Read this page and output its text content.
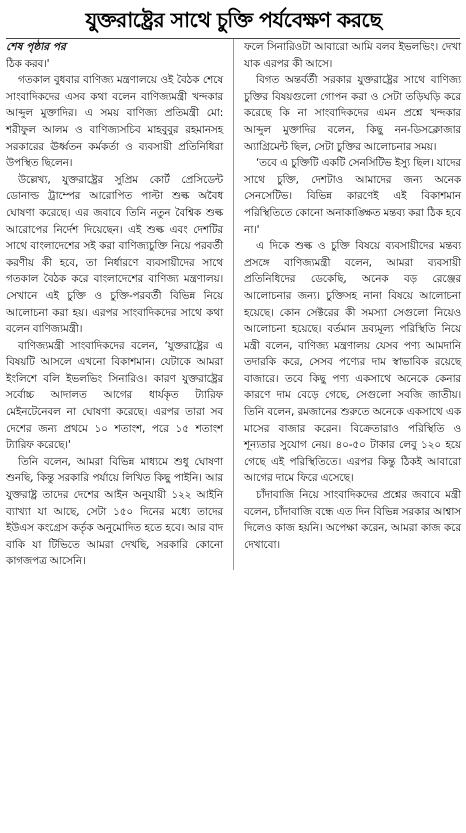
যুক্তরাষ্ট্রের সাথে চুক্তি পর্যবেক্ষণ করছে
শেষ পৃষ্ঠার পর

ঠিক করব।'

গতকাল বুধবার বাণিজ্য মন্ত্রণালয়ে ওই বৈঠক শেষে সাংবাদিকদের এসব কথা বলেন বাণিজ্যমন্ত্রী খন্দকার আব্দুল মুক্তাদির। এ সময় বাণিজ্য প্রতিমন্ত্রী মো: শরীফুল আলম ও বাণিজ্যসচিব মাহবুবুর রহমানসহ সরকারের ঊর্ধ্বতন কর্মকর্তা ও ব্যবসায়ী প্রতিনিধিরা উপস্থিত ছিলেন।

উল্লেখ্য, যুক্তরাষ্ট্রের সুপ্রিম কোর্ট প্রেসিডেন্ট ডোনাল্ড ট্রাম্পের আরোপিত পাল্টা শুল্ক অবৈধ ঘোষণা করেছে। এর জবাবে তিনি নতুন বৈশ্বিক শুল্ক আরোপের নির্দেশ দিয়েছেন। এই শুল্ক এবং দেশটির সাথে বাংলাদেশের সই করা বাণিজ্যচুক্তি নিয়ে পরবর্তী করণীয় কী হবে, তা নির্ধারণে ব্যবসায়ীদের সাথে গতকাল বৈঠক করে বাংলাদেশের বাণিজ্য মন্ত্রণালয়। সেখানে এই চুক্তি ও চুক্তি-পরবর্তী বিভিন্ন নিয়ে আলোচনা করা হয়। এরপর সাংবাদিকদের সাথে কথা বলেন বাণিজ্যমন্ত্রী।

বাণিজ্যমন্ত্রী সাংবাদিকদের বলেন, ‘যুক্তরাষ্ট্রের এ বিষয়টি আসলে এখনো বিকাশমান। যেটাকে আমরা ইংলিশে বলি ইভলভিং সিনারিও। কারণ যুক্তরাষ্ট্রের সর্বোচ্চ আদালত আগের ধার্যকৃত ট্যারিফ মেইনটেনেবল না ঘোষণা করেছে। এরপর তারা সব দেশের জন্য প্রথমে ১০ শতাংশ, পরে ১৫ শতাংশ ট্যারিফ করেছে।'

তিনি বলেন, আমরা বিভিন্ন মাধ্যমে শুধু ঘোষণা শুনছি, কিন্তু সরকারি পর্যায়ে লিখিত কিছু পাইনি। আর যুক্তরাষ্ট্র তাদের দেশের আইন অনুযায়ী ১২২ আইনি ব্যাখ্যা যা আছে, সেটা ১৫০ দিনের মধ্যে তাদের ইউএস কংগ্রেস কর্তৃক অনুমোদিত হতে হবে। আর বাদ বাকি যা টিভিতে আমরা দেখছি, সরকারি কোনো কাগজপত্র আসেনি।

ফলে সিনারিওটা আবারো আমি বলব ইভলভিং। দেখা যাক এরপর কী আসে।

বিগত অন্তর্বর্তী সরকার যুক্তরাষ্ট্রের সাথে বাণিজ্য চুক্তির বিষয়গুলো গোপন করা ও সেটা তড়িঘড়ি করে করেছে কি না সাংবাদিকদের এমন প্রশ্নে খন্দকার আব্দুল মুক্তাদির বলেন, কিছু নন-ডিসক্লোজার অ্যাগ্রিমেন্ট ছিল, সেটা চুক্তির আলোচনার সময়।

‘তবে এ চুক্তিটি একটি সেনসিটিভ ইস্যু ছিল। যাদের সাথে চুক্তি, দেশটাও আমাদের জন্য অনেক সেনসেটিভ। বিভিন্ন কারণেই এই বিকাশমান পরিস্থিতিতে কোনো অনাকাঙ্ক্ষিত মন্তব্য করা ঠিক হবে না।'

এ দিকে শুল্ক ও চুক্তি বিষয়ে ব্যবসায়ীদের মন্তব্য প্রসঙ্গে বাণিজ্যমন্ত্রী বলেন, আমরা ব্যবসায়ী প্রতিনিধিদের ডেকেছি, অনেক বড় রেঞ্জের আলোচনার জন্য। চুক্তিসহ নানা বিষয়ে আলোচনা হয়েছে। কোন সেক্টরের কী সমস্যা সেগুলো নিয়েও আলোচনা হয়েছে। বর্তমান দ্রব্যমূল্য পরিস্থিতি নিয়ে মন্ত্রী বলেন, বাণিজ্য মন্ত্রণালয় যেসব পণ্য আমদানি তদারকি করে, সেসব পণ্যের দাম স্বাভাবিক রয়েছে বাজারে। তবে কিছু পণ্য একসাথে অনেকে কেনার কারণে দাম বেড়ে গেছে, সেগুলো সবজি জাতীয়। তিনি বলেন, রমজানের শুরুতে অনেকে একসাথে এক মাসের বাজার করেন। বিক্রেতারাও পরিস্থিতি ও শূন্যতার সুযোগ নেয়। ৪০-৫০ টাকার লেবু ১২০ হয়ে গেছে এই পরিস্থিতিতে। এরপর কিন্তু ঠিকই আবারো আগের দামে ফিরে এসেছে।

চাঁদাবাজি নিয়ে সাংবাদিকদের প্রশ্নের জবাবে মন্ত্রী বলেন, চাঁদাবাজি বন্ধে এত দিন বিভিন্ন সরকার আশ্বাস দিলেও কাজ হয়নি। অপেক্ষা করেন, আমরা কাজ করে দেখাবো।
